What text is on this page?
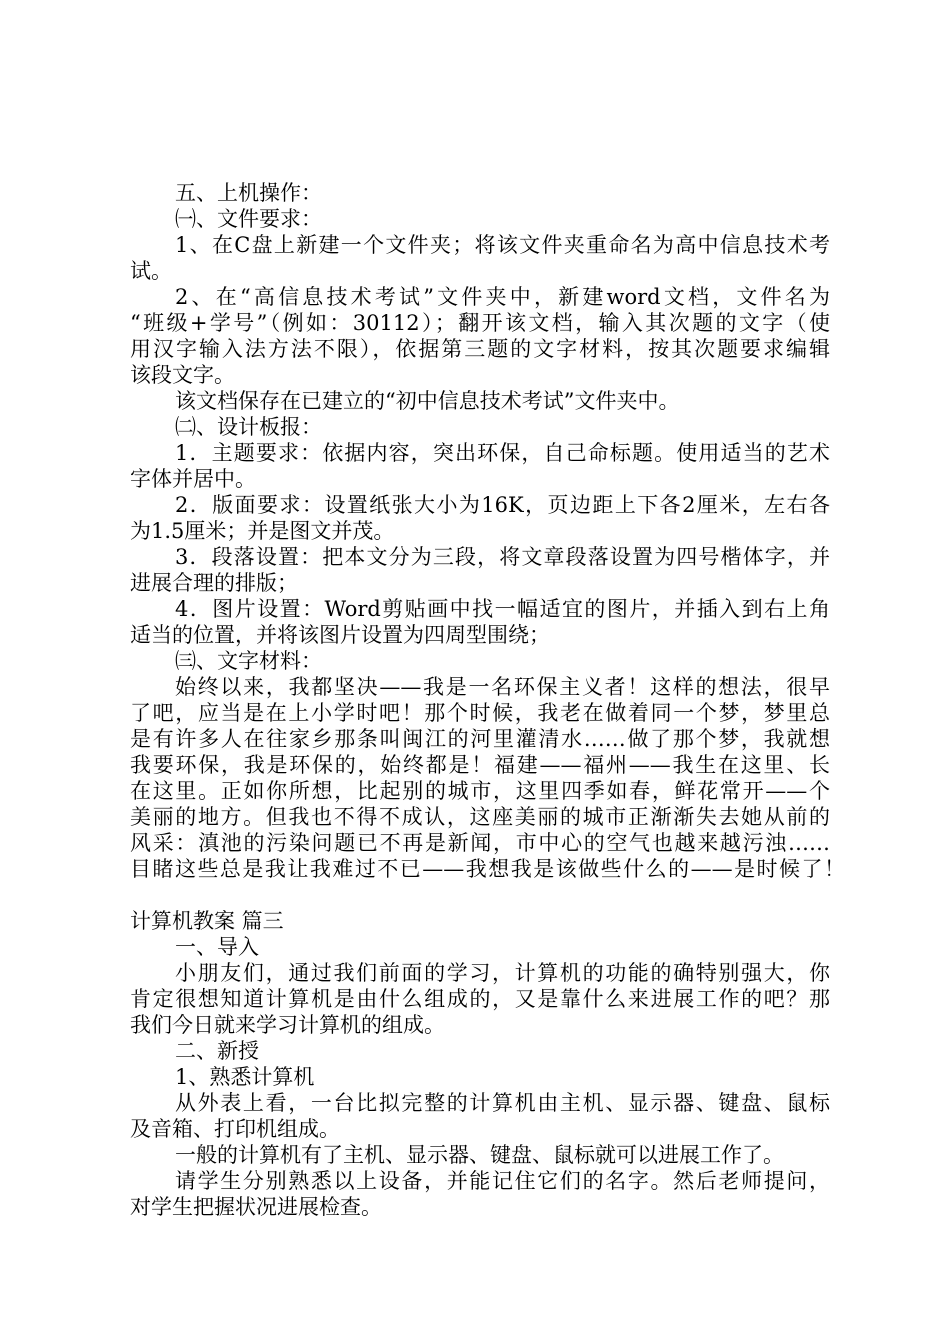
五、上机操作：
㈠、文件要求：
1、在C盘上新建一个文件夹；将该文件夹重命名为高中信息技术考
试。
2、在“高信息技术考试”文件夹中，新建word文档，文件名为
“班级+学号”（例如：30112）；翻开该文档，输入其次题的文字（使
用汉字输入法方法不限），依据第三题的文字材料，按其次题要求编辑
该段文字。
该文档保存在已建立的“初中信息技术考试”文件夹中。
㈡、设计板报：
1．主题要求：依据内容，突出环保，自己命标题。使用适当的艺术
字体并居中。
2．版面要求：设置纸张大小为16K，页边距上下各2厘米，左右各
为1.5厘米；并是图文并茂。
3．段落设置：把本文分为三段，将文章段落设置为四号楷体字，并
进展合理的排版；
4．图片设置：Word剪贴画中找一幅适宜的图片，并插入到右上角
适当的位置，并将该图片设置为四周型围绕；
㈢、文字材料：
始终以来，我都坚决——我是一名环保主义者！这样的想法，很早
了吧，应当是在上小学时吧！那个时候，我老在做着同一个梦，梦里总
是有许多人在往家乡那条叫闽江的河里灌清水……做了那个梦，我就想
我要环保，我是环保的，始终都是！福建——福州——我生在这里、长
在这里。正如你所想，比起别的城市，这里四季如春，鲜花常开——个
美丽的地方。但我也不得不成认，这座美丽的城市正渐渐失去她从前的
风采：滇池的污染问题已不再是新闻，市中心的空气也越来越污浊……
目睹这些总是我让我难过不已——我想我是该做些什么的——是时候了！
计算机教案 篇三
一、导入
小朋友们，通过我们前面的学习，计算机的功能的确特别强大，你
肯定很想知道计算机是由什么组成的，又是靠什么来进展工作的吧？那
我们今日就来学习计算机的组成。
二、新授
1、熟悉计算机
从外表上看，一台比拟完整的计算机由主机、显示器、键盘、鼠标
及音箱、打印机组成。
一般的计算机有了主机、显示器、键盘、鼠标就可以进展工作了。
请学生分别熟悉以上设备，并能记住它们的名字。然后老师提问，
对学生把握状况进展检查。
